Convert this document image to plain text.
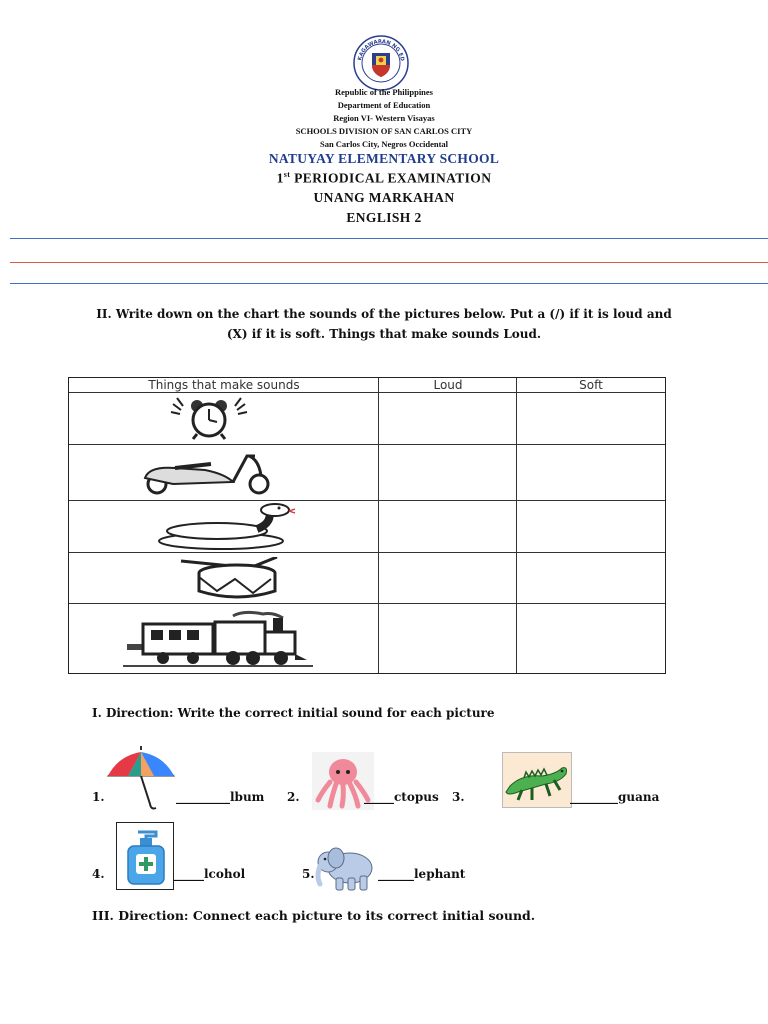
KAGAWARAN NG ED
Republic of the Philippines
Department of Education
Region VI- Western Visayas
SCHOOLS DIVISION OF SAN CARLOS CITY
San Carlos City, Negros Occidental
NATUYAY ELEMENTARY SCHOOL
1st PERIODICAL EXAMINATION
UNANG MARKAHAN
ENGLISH 2
II. Write down on the chart the sounds of the pictures below. Put a (/) if it is loud and
(X) if it is soft. Things that make sounds Loud.
Things that make sounds	Loud	Soft
I. Direction: Write the correct initial sound for each picture
1.	_________lbum 2.	_____ctopus 3.	________guana
4.	_____lcohol	5.	______lephant
III. Direction: Connect each picture to its correct initial sound.
